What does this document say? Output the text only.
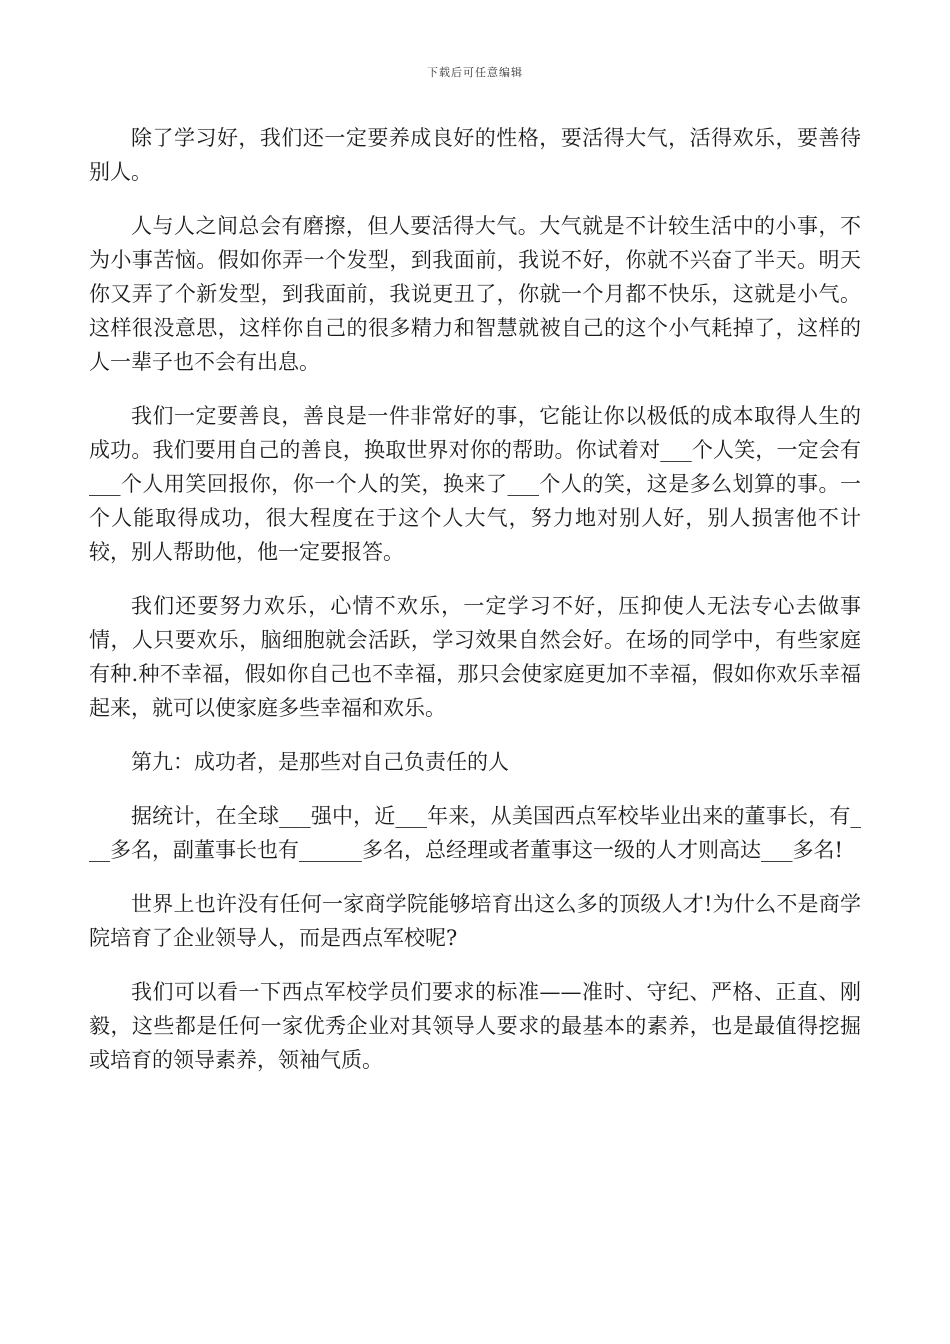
下载后可任意编辑

除了学习好，我们还一定要养成良好的性格，要活得大气，活得欢乐，要善待别人。

人与人之间总会有磨擦，但人要活得大气。大气就是不计较生活中的小事，不为小事苦恼。假如你弄一个发型，到我面前，我说不好，你就不兴奋了半天。明天你又弄了个新发型，到我面前，我说更丑了，你就一个月都不快乐，这就是小气。这样很没意思，这样你自己的很多精力和智慧就被自己的这个小气耗掉了，这样的人一辈子也不会有出息。

我们一定要善良，善良是一件非常好的事，它能让你以极低的成本取得人生的成功。我们要用自己的善良，换取世界对你的帮助。你试着对___个人笑，一定会有___个人用笑回报你，你一个人的笑，换来了___个人的笑，这是多么划算的事。一个人能取得成功，很大程度在于这个人大气，努力地对别人好，别人损害他不计较，别人帮助他，他一定要报答。

我们还要努力欢乐，心情不欢乐，一定学习不好，压抑使人无法专心去做事情，人只要欢乐，脑细胞就会活跃，学习效果自然会好。在场的同学中，有些家庭有种.种不幸福，假如你自己也不幸福，那只会使家庭更加不幸福，假如你欢乐幸福起来，就可以使家庭多些幸福和欢乐。

第九：成功者，是那些对自己负责任的人

据统计，在全球___强中，近___年来，从美国西点军校毕业出来的董事长，有___多名，副董事长也有______多名，总经理或者董事这一级的人才则高达___多名!

世界上也许没有任何一家商学院能够培育出这么多的顶级人才!为什么不是商学院培育了企业领导人，而是西点军校呢?

我们可以看一下西点军校学员们要求的标准——准时、守纪、严格、正直、刚毅，这些都是任何一家优秀企业对其领导人要求的最基本的素养，也是最值得挖掘或培育的领导素养，领袖气质。
